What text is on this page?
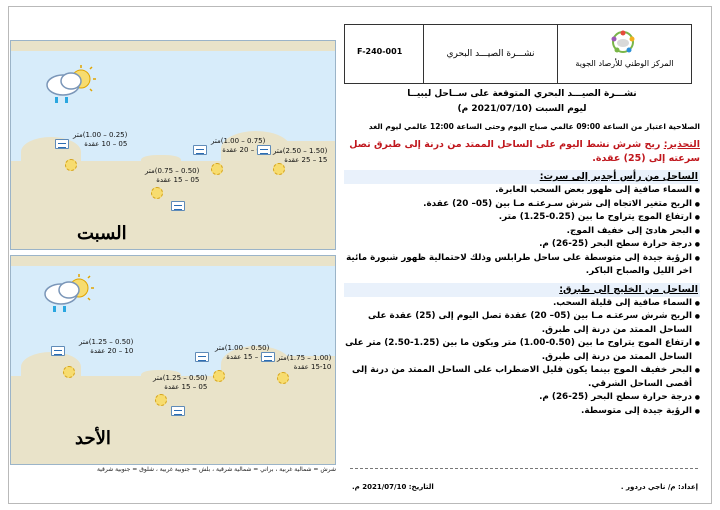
(0.25 – 1.00)متر
05 – 10 عقدة	(0.75 – 1.00)متر
– 20 عقدة	(1.50 – 2.50)متر
15 – 25 عقدة
(0.50 – 0.75)متر
05 – 15 عقدة
السبت
(0.50 – 1.25)متر
10 – 20 عقدة	(0.50 – 1.00)متر
– 15 عقدة	(1.00 – 1.75)متر
15-10 عقدة
(0.50 – 1.25)متر
05 – 15 عقدة
الأحد
شرش = شمالية غربية ، براني = شمالية شرقية ، بلش = جنوبية غربية ، شلوق = جنوبية شرقية
F-240-001	نشـــرة الصيـــد البحري
المركز الوطني للأرصاد الجوية
نشـــرة الصيـــد البحري المتوقعة على ســاحل ليبيــا
ليوم السبت (2021/07/10 م)
الصلاحية اعتبار من الساعة 09:00 عالمي صباح اليوم وحتى الساعة 12:00 عالمي ليوم الغد
التحذير: ريح شرش نشط اليوم على الساحل الممتد من درنة إلى طبرق تصل سرعته إلى (25) عقدة.
الساحل من رأس أجدير إلى سرت:
● السماء صافية إلى ظهور بعض السحب العابرة.
● الريح متغير الاتجاه إلى شرش سـرعتـه مـا بين (05– 20) عقدة.
● ارتفاع الموج يتراوح ما بين (0.25-1.25) متر.
● البحر هادئ إلى خفيف الموج.
● درجة حرارة سطح البحر (25-26) م.
● الرؤية جيدة إلى متوسطة على ساحل طرابلس وذلك لاحتمالية ظهور شبورة مائية اخر الليل والصباح الباكر.
الساحل من الخليج إلى طبرق:
● السماء صافية إلى قليلة السحب.
● الريح شرش سرعتـه مـا بين (05– 20) عقدة تصل اليوم إلى (25) عقدة على الساحل الممتد من درنة إلى طبرق.
● ارتفاع الموج يتراوح ما بين (0.50-1.00) متر ويكون ما بين (1.25-2.50) متر على الساحل الممتد من درنة إلى طبرق.
● البحر خفيف الموج بينما يكون قليل الاضطراب على الساحل الممتد من درنة إلى أقصى الساحل الشرقي.
● درجة حرارة سطح البحر (25-26) م.
● الرؤية جيدة إلى متوسطة.
إعداد: م/ ناجي دردور .
التاريخ: 2021/07/10 م.
